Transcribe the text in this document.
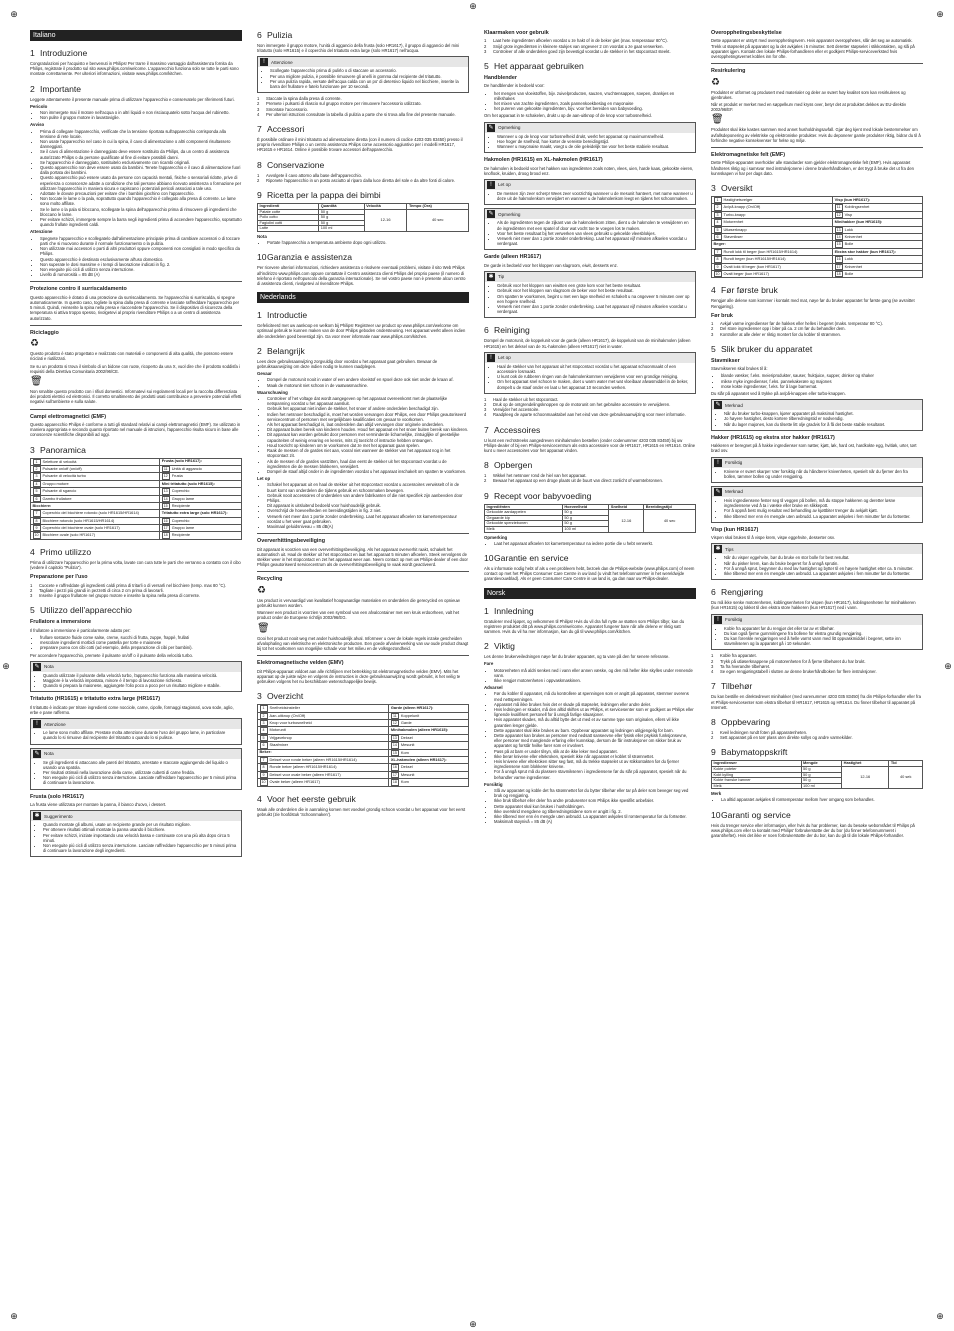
⊕
⊕
⊕
⊕	⊕
⊕
⊕
⊕
Italiano
1 Introduzione

Congratulazioni per l'acquisto e benvenuti in Philips! Per trarre il massimo vantaggio dall'assistenza fornita da Philips, registrate il prodotto sul sito www.philips.com/welcome. L'apparecchio funziona solo se tutte le parti sono montate correttamente. Per ulteriori informazioni, visitate www.philips.com/kitchen.

2 Importante

Leggete attentamente il presente manuale prima di utilizzare l'apparecchio e conservatelo per riferimenti futuri.

Pericolo
• Non immergete mai il motore nell'acqua o in altri liquidi e non risciacquatelo sotto l'acqua del rubinetto.
• Non pulite il gruppo motore in lavastoviglie.
Avviso
• Prima di collegare l'apparecchio, verificate che la tensione riportata sull'apparecchio corrisponda alla tensione di rete locale.
• Non usate l'apparecchio nel caso in cui la spina, il cavo di alimentazione o altri componenti risultassero danneggiati.
• Se il cavo di alimentazione è danneggiato deve essere sostituito da Philips, da un centro di assistenza autorizzato Philips o da persone qualificate al fine di evitare possibili danni.
• Se l'apparecchio è danneggiato, sostituitelo esclusivamente con ricambi originali.
• Questo apparecchio non deve essere usato da bambini. Tenete l'apparecchio e il cavo di alimentazione fuori dalla portata dei bambini.
• Questo apparecchio può essere usato da persone con capacità mentali, fisiche o sensoriali ridotte, prive di esperienza o conoscenze adatte a condizione che tali persone abbiano ricevuto assistenza o formazione per utilizzare l'apparecchio in maniera sicura e capiscano i potenziali pericoli associati a tale uso.
• Adottate le dovute precauzioni per evitare che i bambini giochino con l'apparecchio.
• Non toccate le lame o la pala, soprattutto quando l'apparecchio è collegato alla presa di corrente. Le lame sono molto affilate.
• Se le lame o la pala si bloccano, scollegate la spina dell'apparecchio prima di rimuovere gli ingredienti che bloccano le lame.
• Per evitare schizzi, immergete sempre la barra negli ingredienti prima di accendere l'apparecchio, soprattutto quando frullate ingredienti caldi.
Attenzione
• Spegnete l'apparecchio e scollegatelo dall'alimentazione principale prima di cambiare accessori o di toccare parti che si muovono durante il normale funzionamento o la pulizia.
• Non utilizzate mai accessori o parti di altri produttori oppure componenti non consigliati in modo specifico da Philips.
• Questo apparecchio è destinato esclusivamente all'uso domestico.
• Non superate le dosi massime e i tempi di lavorazione indicati in fig. 2.
• Non eseguite più cicli di utilizzo senza interruzione.
• Livello di rumorosità = 85 dB (A)
Protezione contro il surriscaldamento

Questo apparecchio è dotato di una protezione da surriscaldamento. Se l'apparecchio si surriscalda, si spegne automaticamente. In questo caso, togliete la spina dalla presa di corrente e lasciate raffreddare l'apparecchio per 5 minuti. Quindi, reinserite la spina nella presa e riaccendete l'apparecchio. Se il dispositivo di sicurezza della temperatura si attiva troppo spesso, rivolgetevi al proprio rivenditore Philips o a un centro di assistenza autorizzato.

Riciclaggio
♻

Questo prodotto è stato progettato e realizzato con materiali e componenti di alta qualità, che possono essere riciclati e riutilizzati.

Se su un prodotto si trova il simbolo di un bidone con ruote, ricoperto da una X, vuol dire che il prodotto soddisfa i requisiti della Direttiva Comunitaria 2002/96/CE.

🗑

Non smaltite questo prodotto con i rifiuti domestici. Informatevi sui regolamenti locali per la raccolta differenziata dei prodotti elettrici ed elettronici. Il corretto smaltimento dei prodotti usati contribuisce a prevenire potenziali effetti negativi sull'ambiente e sulla salute.

Campi elettromagnetici (EMF)

Questo apparecchio Philips è conforme a tutti gli standard relativi ai campi elettromagnetici (EMF). Se utilizzato in maniera appropriata e secondo quanto riportato nel manuale di istruzioni, l'apparecchio risulta sicuro in base alle conoscenze scientifiche disponibili ad oggi.

3 Panoramica
1 Selettore di velocità	Frusta (solo HR1617):
2 Pulsante on/off (on/off)	11 Unità di aggancio
3 Pulsante di velocità turbo	12 Frusta
4 Gruppo motore	Mini tritatutto (solo HR1615):
5 Pulsante di sgancio	13 Coperchio
6 Gambo frullatore	14 Gruppo lame
Bicchiere:	15 Recipiente
7 Coperchio del bicchiere rotondo (solo HR1615/HR1614)	Tritatutto extra large (solo HR1617):
8 Bicchiere rotondo (solo HR1615/HR1614)	16 Coperchio
9 Coperchio del bicchiere ovale (solo HR1617)	17 Gruppo lame
10 Bicchiere ovale (solo HR1617)	18 Recipiente
4 Primo utilizzo

Prima di utilizzare l'apparecchio per la prima volta, lavate con cura tutte le parti che verranno a contatto con il cibo (vedere il capitolo "Pulizia").

Preparazione per l'uso
1 Cuocete e raffreddate gli ingredienti caldi prima di tritarli o di versarli nel bicchiere (temp. max 80 °C).
2 Tagliate i pezzi più grandi in pezzetti di circa 2 cm prima di lavorarli.
3 Inserite il gruppo frullatore nel gruppo motore e inserite la spina nella presa di corrente.
5 Utilizzo dell'apparecchio
Frullatore a immersione

Il frullatore a immersione è particolarmente adatto per:

• frullare sostanze fluide come salse, creme, succhi di frutta, zuppe, frappè, frullati
• mescolare ingredienti morbidi come pastella per torte e maionese
• preparare purea con cibi cotti (ad esempio, della preparazione di cibi per bambini).

Per accendere l'apparecchio, premete il pulsante on/off o il pulsante della velocità turbo.

✎ Nota
• Quando utilizzate il pulsante della velocità turbo, l'apparecchio funziona alla massima velocità.
• Maggiore è la velocità impostata, minore è il tempo di lavorazione richiesto.
• Quando si prepara la maionese, aggiungete l'olio poco a poco per un risultato migliore e stabile.
Tritatutto (HR1615) e tritatutto extra large (HR1617)

Il tritatutto è indicato per tritare ingredienti come nocciole, carne, cipolle, formaggi stagionati, uova sode, aglio, erbe e pane raffermo.

!	Attenzione
• Le lame sono molto affilate. Prestate molta attenzione durante l'uso del gruppo lame, in particolare quando lo si rimuove dal recipiente del tritatutto o quando lo si pulisce.
✎ Nota
• Se gli ingredienti si attaccano alle pareti del tritatutto, arrestate e staccate aggiungendo del liquido o usando una spatola.
• Per risultati ottimali nella lavorazione della carne, utilizzate cubetti di carne fredda.
• Non eseguite più cicli di utilizzo senza interruzione. Lasciate raffreddare l'apparecchio per 5 minuti prima di continuare la lavorazione.
Frusta (solo HR1617)

La frusta viene utilizzata per montare la panna, il bianco d'uovo, i dessert.

✱ Suggerimento
• Quando montate gli albumi, usate un recipiente grande per un risultato migliore.
• Per ottenere risultati ottimali montate la panna usando il bicchiere.
• Per evitare schizzi, iniziate impostando una velocità bassa e continuate con una più alta dopo circa 5 minuti.
• Non eseguite più cicli di utilizzo senza interruzione. Lasciate raffreddare l'apparecchio per 5 minuti prima di continuare la lavorazione degli ingredienti.
6 Pulizia

Non immergete il gruppo motore, l'unità di aggancio della frusta (solo HR1617), il gruppo di aggancio del mini tritatutto (solo HR1615) e il coperchio del tritatutto extra large (solo HR1617) nell'acqua.

!	Attenzione
• Scollegate l'apparecchio prima di pulirlo o di staccare un accessorio.
• Per una migliore pulizia, è possibile rimuovere gli anelli in gomma dal recipiente del tritatutto.
• Per una pulizia rapida, versate dell'acqua calda con un po' di detersivo liquido nel bicchiere, inserite la barra del frullatore e fatelo funzionare per 10 secondi.
1 Staccate la spina dalla presa di corrente.
2 Premete i pulsanti di rilascio sul gruppo motore per rimuovere l'accessorio utilizzato.
3 Smontate l'accessorio.
4 Per ulteriori istruzioni consultate la tabella di pulizia a parte che si trova alla fine del presente manuale.
7 Accessori

È possibile ordinare il mini tritatutto ad alimentazione diretta (con il numero di codice 4203 035 83450) presso il proprio rivenditore Philips o un centro assistenza Philips come accessorio aggiuntivo per i modelli HR1617, HR1615 e HR1614. Online è possibile trovare accessori dell'apparecchio.

8 Conservazione
1 Avvolgete il cavo attorno alla base dell'apparecchio.
2 Riponete l'apparecchio in un posto asciutto al riparo dalla luce diretta del sole e da altre fonti di calore.
9 Ricetta per la pappa dei bimbi
Ingredienti	Quantità	Velocità	Tempo (Ora)
Patate cotte	50 g	12-16	40 sec
Pollo cotto	50 g		
Fagiolini cotti	50 g		
Latte	100 ml		
Nota
• Portate l'apparecchio a temperatura ambiente dopo ogni utilizzo.
10Garanzia e assistenza

Per ricevere ulteriori informazioni, richiedere assistenza o risolvere eventuali problemi, visitate il sito Web Philips all'indirizzo www.philips.com oppure contattate il Centro assistenza clienti Philips del proprio paese (il numero di telefono è riportato nell'opuscolo della garanzia internazionale). Se nel vostro paese non è presente alcun centro di assistenza clienti, rivolgetevi al rivenditore Philips.

Nederlands
1 Introductie

Gefeliciteerd met uw aankoop en welkom bij Philips! Registreer uw product op www.philips.com/welcome om optimaal gebruik te kunnen maken van de door Philips geboden ondersteuning. Het apparaat werkt alleen indien alle onderdelen goed bevestigd zijn. Ga voor meer informatie naar www.philips.com/kitchen.

2 Belangrijk

Lees deze gebruiksaanwijzing zorgvuldig door voordat u het apparaat gaat gebruiken. Bewaar de gebruiksaanwijzing om deze indien nodig te kunnen raadplegen.

Gevaar
• Dompel de motorunit nooit in water of een andere vloeistof en spoel deze ook niet onder de kraan af.
• Maak de motorunit niet schoon in de vaatwasmachine.
Waarschuwing
• Controleer of het voltage dat wordt aangegeven op het apparaat overeenkomt met de plaatselijke netspanning voordat u het apparaat aansluit.
• Gebruik het apparaat niet indien de stekker, het snoer of andere onderdelen beschadigd zijn.
• Indien het netsnoer beschadigd is, moet het worden vervangen door Philips, een door Philips geautoriseerd servicecentrum of personen met vergelijkbare kwalificaties om gevaar te voorkomen.
• Als het apparaat beschadigd is, laat onderdelen dan altijd vervangen door originele onderdelen.
• Dit apparaat buiten bereik van kinderen houden. Houd het apparaat en het snoer buiten bereik van kinderen.
• Dit apparaat kan worden gebruikt door personen met verminderde lichamelijke, zintuiglijke of geestelijke capaciteiten of weinig ervaring en kennis, mits zij toezicht of instructie hebben ontvangen.
• Houd toezicht op kinderen om te voorkomen dat ze met het apparaat gaan spelen.
• Raak de messen of de gardes niet aan, vooral niet wanneer de stekker van het apparaat nog in het stopcontact zit.
• Als de messen of de gardes vastzitten, haal dan eerst de stekker uit het stopcontact voordat u de ingrediënten die de messen blokkeren, verwijdert.
• Dompel de staaf altijd onder in de ingrediënten voordat u het apparaat inschakelt om spatten te voorkomen.
Let op
• Schakel het apparaat uit en haal de stekker uit het stopcontact voordat u accessoires verwisselt of in de buurt komt van onderdelen die tijdens gebruik en schoonmaken bewegen.
• Gebruik nooit accessoires of onderdelen van andere fabrikanten of die niet specifiek zijn aanbevolen door Philips.
• Dit apparaat is uitsluitend bedoeld voor huishoudelijk gebruik.
• Overschrijd de hoeveelheden en bereidingstijden in fig. 2 niet.
• Verwerk niet meer dan 1 portie zonder onderbreking. Laat het apparaat afkoelen tot kamertemperatuur voordat u het weer gaat gebruiken.
• Maximaal geluidsniveau = 85 dB(A)
Oververhittingsbeveiliging

Dit apparaat is voorzien van een oververhittingsbeveiliging. Als het apparaat oververhit raakt, schakelt het automatisch uit. Haal de stekker uit het stopcontact en laat het apparaat 5 minuten afkoelen. Steek vervolgens de stekker weer in het stopcontact en zet het apparaat weer aan. Neem contact op met uw Philips-dealer of een door Philips geautoriseerd servicecentrum als de oververhittingsbeveiliging te vaak wordt geactiveerd.

Recycling
♻

Uw product is vervaardigd van kwalitatief hoogwaardige materialen en onderdelen die gerecycled en opnieuw gebruikt kunnen worden.

Wanneer een product is voorzien van een symbool van een afvalcontainer met een kruis erdoorheen, valt het product onder de Europese richtlijn 2002/96/EG.

🗑

Gooi het product nooit weg met ander huishoudelijk afval. Informeer u over de lokale regels inzake gescheiden afvalophaling van elektrische en elektronische producten. Een goede afvalverwerking van uw oude product draagt bij tot het voorkomen van mogelijke schade voor het milieu en de volksgezondheid.

Elektromagnetische velden (EMV)

Dit Philips-apparaat voldoet aan alle richtlijnen met betrekking tot elektromagnetische velden (EMV). Mits het apparaat op de juiste wijze en volgens de instructies in deze gebruiksaanwijzing wordt gebruikt, is het veilig te gebruiken volgens het nu beschikbare wetenschappelijke bewijs.

3 Overzicht
1 Snelheidsinsteller	Garde (alleen HR1617):
2 Aan-uitknop (On/Off)	11 Koppelunit
3 Knop voor turbosnelheid	12 Garde
4 Motorunit	Minihakmolen (alleen HR1615):
5 Vrijgaveknop	13 Deksel
6 Staafmixer	14 Mesunit
Beker:	15 Kom
7 Deksel voor ronde beker (alleen HR1615/HR1614)	XL-hakmolen (alleen HR1617):
8 Ronde beker (alleen HR1615/HR1614)	16 Deksel
9 Deksel voor ovale beker (alleen HR1617)	17 Mesunit
10 Ovale beker (alleen HR1617)	18 Kom
4 Voor het eerste gebruik

Maak alle onderdelen die in aanraking komen met voedsel grondig schoon voordat u het apparaat voor het eerst gebruikt (zie hoofdstuk 'Schoonmaken').

Klaarmaken voor gebruik
1 Laat hete ingrediënten afkoelen voordat u ze hakt of in de beker giet (max. temperatuur 80°C).
2 Snijd grote ingrediënten in kleinere stukjes van ongeveer 2 cm voordat u ze gaat verwerken.
3 Controleer of alle onderdelen goed zijn bevestigd voordat u de stekker in het stopcontact steekt.
5 Het apparaat gebruiken
Handblender

De handblender is bedoeld voor:

• het mengen van vloeistoffen, bijv. zuivelproducten, sauzen, vruchtensappen, soepen, drankjes en milkshakes
• het mixen van zachte ingrediënten, zoals pannenkoekbeslag en mayonaise
• het pureren van gekookte ingrediënten, bijv. voor het bereiden van babyvoeding.

Om het apparaat in te schakelen, drukt u op de aan-uitknop of de knop voor turbosnelheid.

✎ Opmerking
• Wanneer u op de knop voor turbosnelheid drukt, werkt het apparaat op maximumsnelheid.
• Hoe hoger de snelheid, hoe korter de vereiste bereidingstijd.
• Wanneer u mayonaise maakt, voegt u de olie geleidelijk toe voor het beste stabiele resultaat.
Hakmolen (HR1615) en XL-hakmolen (HR1617)

De hakmolen is bedoeld voor het hakken van ingrediënten zoals noten, vlees, uien, harde kaas, gekookte eieren, knoflook, kruiden, droog brood enz.

!	Let op
• De messen zijn zeer scherp! Wees zeer voorzichtig wanneer u de mesunit hanteert, met name wanneer u deze uit de hakmolenkom verwijdert en wanneer u de hakmolenkom leegt en tijdens het schoonmaken.
✎ Opmerking
• Als de ingrediënten tegen de zijkant van de hakmolenkom zitten, dient u de hakmolen te verwijderen en de ingrediënten met een spatel of door wat vocht toe te voegen los te maken.
• Voor het beste resultaat bij het verwerken van vlees gebruikt u gekoelde vleesblokjes.
• Verwerk niet meer dan 1 portie zonder onderbreking. Laat het apparaat vijf minuten afkoelen voordat u verdergaat.
Garde (alleen HR1617)

De garde is bedoeld voor het kloppen van slagroom, eiwit, desserts enz.

✱ Tip
• Gebruik voor het kloppen van eiwitten een grote kom voor het beste resultaat.
• Gebruik voor het kloppen van slagroom de beker voor het beste resultaat.
• Om spatten te voorkomen, begint u met een lage snelheid en schakelt u na ongeveer 5 minuten over op een hogere snelheid.
• Verwerk niet meer dan 1 portie zonder onderbreking. Laat het apparaat vijf minuten afkoelen voordat u verdergaat.
6 Reiniging

Dompel de motorunit, de koppelunit voor de garde (alleen HR1617), de koppelunit van de minihakmolen (alleen HR1615) en het deksel van de XL-hakmolen (alleen HR1617) niet in water.

!	Let op
• Haal de stekker van het apparaat uit het stopcontact voordat u het apparaat schoonmaakt of een accessoire losmaakt.
• U kunt ook de rubberen ringen van de hakmolenkommen verwijderen voor een grondige reiniging.
• Om het apparaat snel schoon te maken, doet u warm water met wat vloeibaar afwasmiddel in de beker, dompelt u de staaf onder en laat u het apparaat 10 seconden werken.
1 Haal de stekker uit het stopcontact.
2 Druk op de ontgrendelingsknoppen op de motorunit om het gebruikte accessoire te verwijderen.
3 Verwijder het accessoire.
4 Raadpleeg de aparte schoonmaaktabel aan het eind van deze gebruiksaanwijzing voor meer informatie.
7 Accessoires

U kunt een rechtstreeks aangedreven minihakmolen bestellen (onder codenummer 4203 035 83450) bij uw Philips-dealer of bij een Philips-servicecentrum als extra accessoire voor de HR1617, HR1615 en HR1614. Online kunt u meer accessoires voor het apparaat vinden.

8 Opbergen
1 Wikkel het netsnoer rond de hiel van het apparaat.
2 Bewaar het apparaat op een droge plaats uit de buurt van direct zonlicht of warmtebronnen.
9 Recept voor babyvoeding
Ingrediënten	Hoeveelheid	Snelheid	Bereidingstijd
Gekookte aardappelen	50 g	12-16	40 sec
Gegaarde kip	50 g		
Gekookte sperziebonen	50 g		
Melk	100 ml		
Opmerking
• Laat het apparaat afkoelen tot kamertemperatuur na iedere portie die u hebt verwerkt.
10Garantie en service

Als u informatie nodig hebt of als u een probleem hebt, bezoek dan de Philips-website (www.philips.com) of neem contact op met het Philips Consumer Care Centre in uw land (u vindt het telefoonnummer in het wereldwijde garantievouwblad). Als er geen Consumer Care Centre in uw land is, ga dan naar uw Philips-dealer.

Norsk
1 Innledning

Gratulerer med kjøpet, og velkommen til Philips! Hvis du vil dra full nytte av støtten som Philips tilbyr, kan du registrere produktet ditt på www.philips.com/welcome. Apparatet fungerer bare når alle delene er riktig satt sammen. Hvis du vil ha mer informasjon, kan du gå til www.philips.com/kitchen.

2 Viktig

Les denne brukerveiledningen nøye før du bruker apparatet, og ta vare på den for senere referanse.

Fare
• Motorenheten må aldri senkes ned i vann eller annen væske, og den må heller ikke skylles under rennende vann.
• Ikke rengjør motorenheten i oppvaskmaskinen.
Advarsel
• Før du kobler til apparatet, må du kontrollere at spenningen som er angitt på apparatet, stemmer overens med nettspenningen.
• Apparatet må ikke brukes hvis det er skade på støpselet, ledningen eller andre deler.
• Hvis ledningen er skadet, må den alltid skiftes ut av Philips, et servicesenter som er godkjent av Philips eller lignende kvalifisert personell for å unngå farlige situasjoner.
• Hvis apparatet skades, må du alltid bytte det ut med et av samme type som originalen, ellers vil ikke garantien lenger gjelde.
• Dette apparatet skal ikke brukes av barn. Oppbevar apparatet og ledningen utilgjengelig for barn.
• Dette apparatet kan brukes av personer med nedsatt sanseevne eller fysisk eller psykisk funksjonsevne, eller personer med manglende erfaring eller kunnskap, dersom de får instruksjoner om sikker bruk av apparatet og forstår hvilke farer som er involvert.
• Pass på at barn er under tilsyn, slik at de ikke leker med apparatet.
• Ikke berør knivene eller eltekroken, spesielt ikke når apparatet er koblet til strømnettet.
• Hvis knivene eller eltekroken sitter seg fast, må du trekke støpselet ut av stikkontakten før du fjerner ingrediensene som blokkerer knivene.
• For å unngå sprut må du plassere stavmikseren i ingrediensene før du slår på apparatet, spesielt når du behandler varme ingredienser.
Forsiktig
• Slå av apparatet og koble det fra strømnettet før du bytter tilbehør eller tar på deler som beveger seg ved bruk og rengjøring.
• Ikke bruk tilbehør eller deler fra andre produsenter som Philips ikke spesifikt anbefaler.
• Dette apparatet skal kun brukes i husholdningen.
• Ikke overskrid mengdene og tilberedningstidene som er angitt i fig. 2.
• Ikke tilbered mer enn én mengde uten avbrudd. La apparatet avkjøles til romtemperatur før du fortsetter.
• Maksimalt støynivå = 85 dB (A)
Overopphetingsbeskyttelse

Dette apparatet er utstyrt med overopphetingsvern. Hvis apparatet overopphetes, slår det seg av automatisk. Trekk ut støpselet på apparatet og la det avkjøles i 5 minutter. Sett deretter støpselet i stikkontakten, og slå på apparatet igjen. Kontakt den lokale Philips-forhandleren eller et godkjent Philips-serviceverksted hvis overopphetingsvernet kobles inn for ofte.

Resirkulering
♻

Produktet er utformet og produsert med materialer og deler av svært høy kvalitet som kan resirkuleres og gjenbrukes.

Når et produkt er merket med en søppelkurv med kryss over, betyr det at produktet dekkes av EU-direktiv 2002/96/EF.

🗑

Produktet skal ikke kastes sammen med annet husholdningsavfall. Gjør deg kjent med lokale bestemmelser om avfallsdeponering av elektriske og elektroniske produkter. Hvis du deponerer gamle produkter riktig, bidrar du til å forhindre negative konsekvenser for helse og miljø.

Elektromagnetiske felt (EMF)

Dette Philips-apparatet overholder alle standarder som gjelder elektromagnetiske felt (EMF). Hvis apparatet håndteres riktig og i samsvar med instruksjonene i denne brukerhåndboken, er det trygt å bruke det ut fra den kunnskapen vi har per dags dato.

3 Oversikt
1 Hastighetsvelger	Visp (kun HR1617):
2 Av/på-knapp (On/Off)	11 Koblingsenhet
3 Turbo-knapp	12 Visp
4 Motorenhet	Minihakker (kun HR1615):
5 Utløserknapp	13 Lokk
6 Stavmikser	14 Knivenhet
Beger:	15 Bolle
7 Rundt lokk til beger (kun HR1615/HR1614)	Ekstra stor hakker (kun HR1617):
8 Rundt beger (kun HR1615/HR1614)	16 Lokk
9 Ovalt lokk til beger (kun HR1617)	17 Knivenhet
10 Ovalt beger (kun HR1617)	18 Bolle
4 Før første bruk

Rengjør alle delene som kommer i kontakt med mat, nøye før du bruker apparatet for første gang (se avsnittet Rengjøring).

Før bruk
1 Avkjøl varme ingredienser før de hakkes eller helles i begeret (maks. temperatur 80 °C).
2 Del store ingredienser opp i biter på ca. 2 cm før du behandler dem.
3 Kontroller at alle deler er riktig montert før du kobler til strømmen.
5 Slik bruker du apparatet
Stavmikser

Stavmikseren skal brukes til å:

• blande væsker, f.eks. meieriprodukter, sauser, fruktjuice, supper, drinker og shaker
• mikse myke ingredienser, f.eks. pannekakerøre og majones
• mose kokte ingredienser, f.eks. for å lage barnemat.

Du slår på apparatet ved å trykke på av/på-knappen eller turbo-knappen.

✎ Merknad
• Når du bruker turbo-knappen, kjører apparatet på maksimal hastighet.
• Jo høyere hastighet, desto kortere tilberedningstid er nødvendig.
• Når du lager majones, kan du tilsette litt olje gradvis for å få det beste stabile resultatet.
Hakker (HR1615) og ekstra stor hakker (HR1617)

Hakkeren er beregnet på å hakke ingredienser som nøtter, kjøtt, løk, hard ost, hardkokte egg, hvitløk, urter, tørt brød osv.

!	Forsiktig
• Knivene er svært skarpe! Vær forsiktig når du håndterer knivenheten, spesielt når du fjerner den fra bollen, tømmer bollen og under rengjøring.
✎ Merknad
• Hvis ingrediensene fester seg til veggen på bollen, må du stoppe hakkeren og deretter løsne ingrediensene ved å ta i væske eller bruke en slikkepott.
• For å oppnå best mulig resultat ved behandling av kjøttbiter trenger du avkjølt kjøtt.
• Ikke tilbered mer enn én mengde uten avbrudd. La apparatet avkjøles i fem minutter før du fortsetter.
Visp (kun HR1617)

Vispen skal brukes til å vispe krem, vispe eggehvite, desserter osv.

✱ Tips
• Når du visper eggehvite, bør du bruke en stor bolle for best resultat.
• Når du pisker krem, kan du bruke begeret for å unngå sprutin.
• For å unngå sprut, begynner du med lav hastighet og bytter til en høyere hastighet etter ca. 5 minutter.
• Ikke tilbered mer enn én mengde uten avbrudd. La apparatet avkjøles i fem minutter før du fortsetter.
6 Rengjøring

Du må ikke senke motorenheten, koblingsenheten for vispen (kun HR1617), koblingsenheten for minihakkeren (kun HR1615) og lokket til den ekstra store hakkeren (kun HR1617) ned i vann.

!	Forsiktig
• Koble fra apparatet før du rengjør det eller tar av et tilbehør.
• Du kan også fjerne gummiringene fra bollene for ekstra grundig rengjøring.
• Du kan forenkle rengjøringen ved å helle varmt vann med litt oppvaskmiddel i begeret, sette inn stavmikseren og la apparatet gå i 10 sekunder.
1 Koble fra apparatet.
2 Trykk på utløserknappene på motorenheten for å fjerne tilbehøret du har brukt.
3 Ta fra hverandre tilbehøret.
4 Se egen rengjøringstabell i slutten av denne brukerhåndboken for flere instruksjoner.
7 Tilbehør

Du kan bestille en direktedrevet minihakker (med varenummer 4203 035 83450) fra din Philips-forhandler eller fra et Philips-servicesenter som ekstra tilbehør til HR1617, HR1615 og HR1614. Du finner tilbehør til apparatet på Internett.

8 Oppbevaring
1 Kveil ledningen rundt foten på apparatenheten.
2 Sett apparatet på en tørr plass uten direkte sollys og andre varmekilder.
9 Babymatoppskrift
Ingredienser	Mengde	Hastighet	Tid
Kokte poteter	50 g	12-16	40 sek
Kokt kylling	50 g		
Kokte franske bønner	50 g		
Melk	100 ml		
Merk
• La alltid apparatet avkjøles til romtemperatur mellom hver omgang som behandles.
10Garanti og service

Hvis du trenger service eller informasjon, eller hvis du har problemer, kan du besøke webområdet til Philips på www.philips.com eller ta kontakt med Philips' forbrukerstøtte der du bor (du finner telefonnummeret i garantiheftet). Hvis det ikke er noen forbrukerstøtte der du bor, kan du gå til din lokale Philips-forhandler.
